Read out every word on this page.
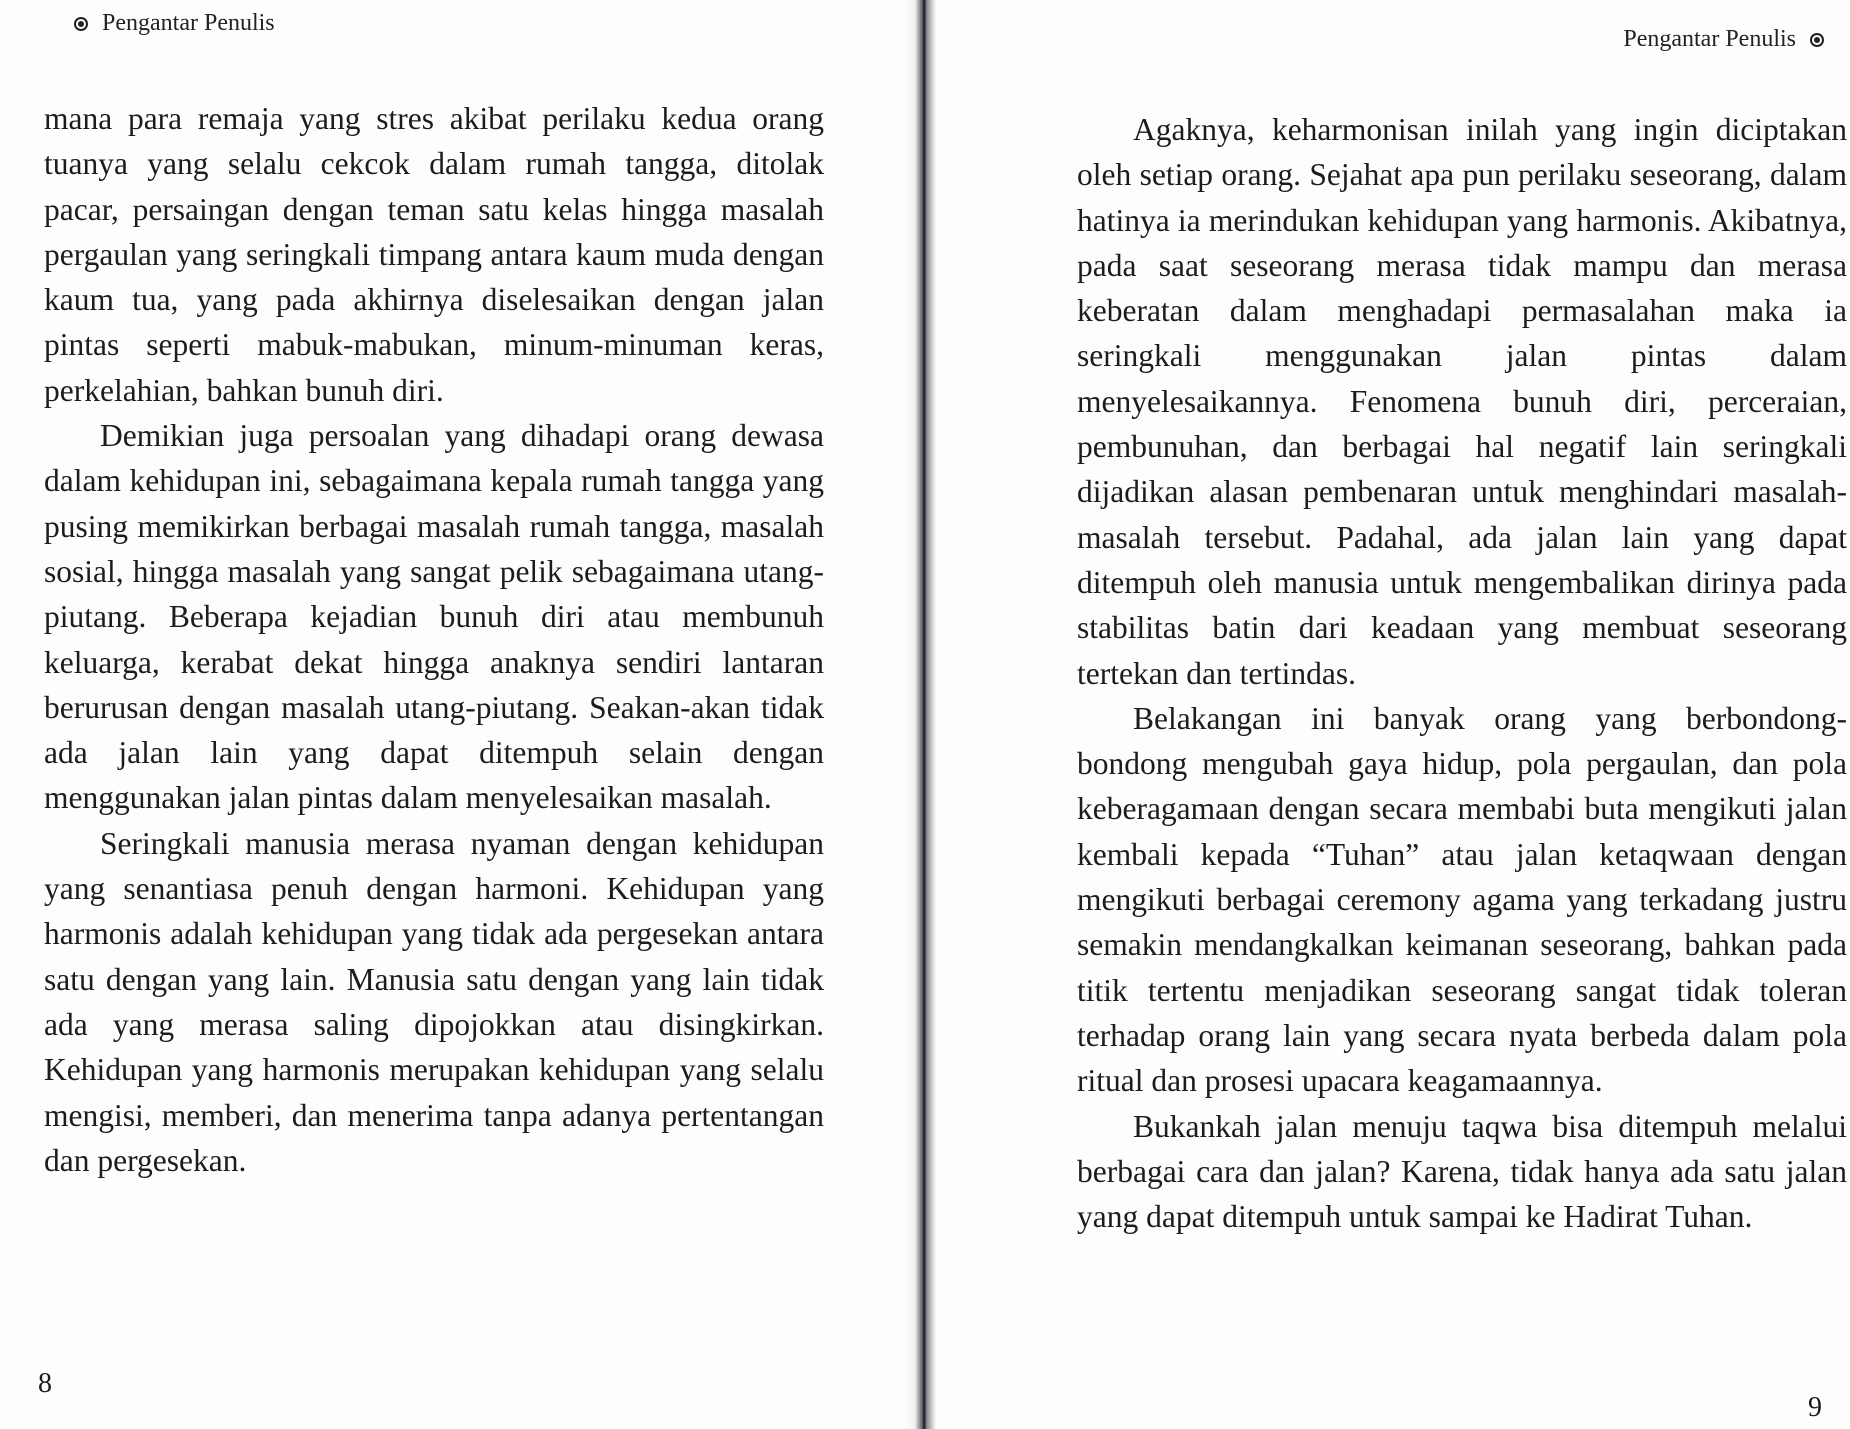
Pengantar Penulis

mana para remaja yang stres akibat perilaku kedua orang tuanya yang selalu cekcok dalam rumah tangga, ditolak pacar, persaingan dengan teman satu kelas hingga masalah pergaulan yang seringkali timpang antara kaum muda dengan kaum tua, yang pada akhirnya diselesaikan dengan jalan pintas seperti mabuk-mabukan, minum-minuman keras, perkelahian, bahkan bunuh diri.

Demikian juga persoalan yang dihadapi orang dewasa dalam kehidupan ini, sebagaimana kepala rumah tangga yang pusing memikirkan berbagai masalah rumah tangga, masalah sosial, hingga masalah yang sangat pelik sebagaimana utang-piutang. Beberapa kejadian bunuh diri atau membunuh keluarga, kerabat dekat hingga anaknya sendiri lantaran berurusan dengan masalah utang-piutang. Seakan-akan tidak ada jalan lain yang dapat ditempuh selain dengan menggunakan jalan pintas dalam menyelesaikan masalah.

Seringkali manusia merasa nyaman dengan kehidupan yang senantiasa penuh dengan harmoni. Kehidupan yang harmonis adalah kehidupan yang tidak ada pergesekan antara satu dengan yang lain. Manusia satu dengan yang lain tidak ada yang merasa saling dipojokkan atau disingkirkan. Kehidupan yang harmonis merupakan kehidupan yang selalu mengisi, memberi, dan menerima tanpa adanya pertentangan dan pergesekan.

8
Pengantar Penulis

Agaknya, keharmonisan inilah yang ingin diciptakan oleh setiap orang. Sejahat apa pun perilaku seseorang, dalam hatinya ia merindukan kehidupan yang harmonis. Akibatnya, pada saat seseorang merasa tidak mampu dan merasa keberatan dalam menghadapi permasalahan maka ia seringkali menggunakan jalan pintas dalam menyelesaikannya. Fenomena bunuh diri, perceraian, pembunuhan, dan berbagai hal negatif lain seringkali dijadikan alasan pembenaran untuk menghindari masalah-masalah tersebut. Padahal, ada jalan lain yang dapat ditempuh oleh manusia untuk mengembalikan dirinya pada stabilitas batin dari keadaan yang membuat seseorang tertekan dan tertindas.

Belakangan ini banyak orang yang berbondong-bondong mengubah gaya hidup, pola pergaulan, dan pola keberagamaan dengan secara membabi buta mengikuti jalan kembali kepada “Tuhan” atau jalan ketaqwaan dengan mengikuti berbagai ceremony agama yang terkadang justru semakin mendangkalkan keimanan seseorang, bahkan pada titik tertentu menjadikan seseorang sangat tidak toleran terhadap orang lain yang secara nyata berbeda dalam pola ritual dan prosesi upacara keagamaannya.

Bukankah jalan menuju taqwa bisa ditempuh melalui berbagai cara dan jalan? Karena, tidak hanya ada satu jalan yang dapat ditempuh untuk sampai ke Hadirat Tuhan.

9
